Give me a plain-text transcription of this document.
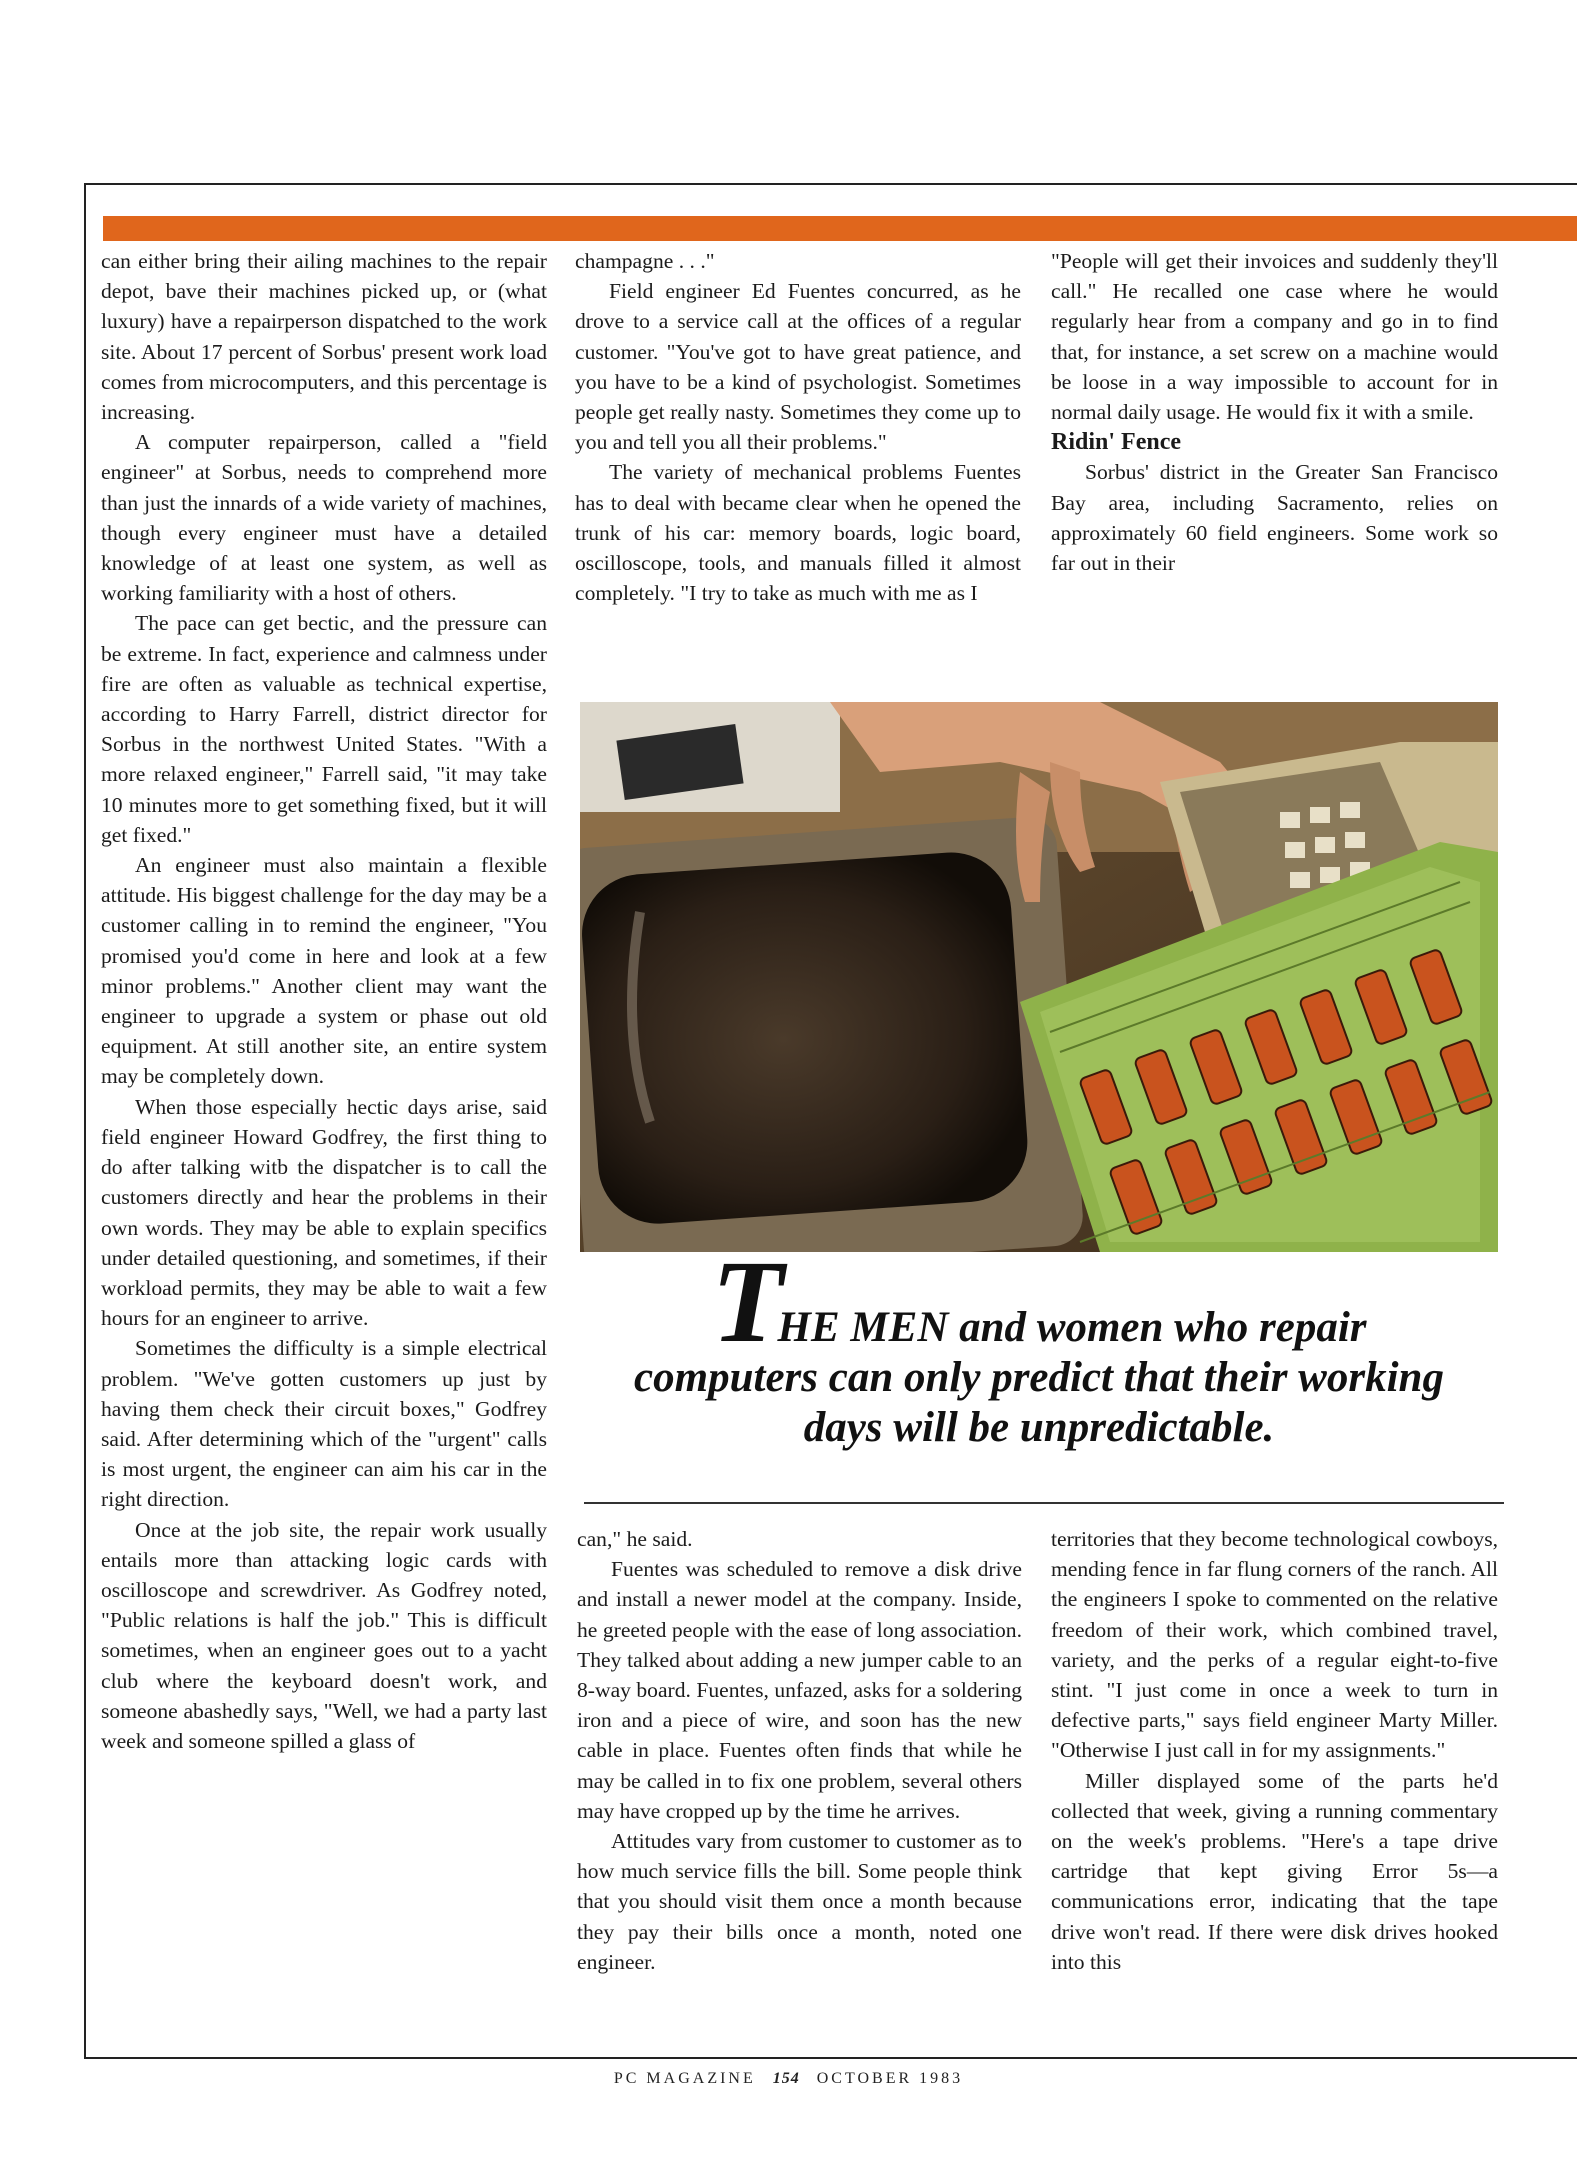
can either bring their ailing machines to the repair depot, bave their machines picked up, or (what luxury) have a repairperson dispatched to the work site. About 17 percent of Sorbus' present work load comes from microcomputers, and this percentage is increasing.

A computer repairperson, called a "field engineer" at Sorbus, needs to comprehend more than just the innards of a wide variety of machines, though every engineer must have a detailed knowledge of at least one system, as well as working familiarity with a host of others.

The pace can get bectic, and the pressure can be extreme. In fact, experience and calmness under fire are often as valuable as technical expertise, according to Harry Farrell, district director for Sorbus in the northwest United States. "With a more relaxed engineer," Farrell said, "it may take 10 minutes more to get something fixed, but it will get fixed."

An engineer must also maintain a flexible attitude. His biggest challenge for the day may be a customer calling in to remind the engineer, "You promised you'd come in here and look at a few minor problems." Another client may want the engineer to upgrade a system or phase out old equipment. At still another site, an entire system may be completely down.

When those especially hectic days arise, said field engineer Howard Godfrey, the first thing to do after talking witb the dispatcher is to call the customers directly and hear the problems in their own words. They may be able to explain specifics under detailed questioning, and sometimes, if their workload permits, they may be able to wait a few hours for an engineer to arrive.

Sometimes the difficulty is a simple electrical problem. "We've gotten customers up just by having them check their circuit boxes," Godfrey said. After determining which of the "urgent" calls is most urgent, the engineer can aim his car in the right direction.

Once at the job site, the repair work usually entails more than attacking logic cards with oscilloscope and screwdriver. As Godfrey noted, "Public relations is half the job." This is difficult sometimes, when an engineer goes out to a yacht club where the keyboard doesn't work, and someone abashedly says, "Well, we had a party last week and someone spilled a glass of

champagne . . ."

Field engineer Ed Fuentes concurred, as he drove to a service call at the offices of a regular customer. "You've got to have great patience, and you have to be a kind of psychologist. Sometimes people get really nasty. Sometimes they come up to you and tell you all their problems."

The variety of mechanical problems Fuentes has to deal with became clear when he opened the trunk of his car: memory boards, logic board, oscilloscope, tools, and manuals filled it almost completely. "I try to take as much with me as I

"People will get their invoices and suddenly they'll call." He recalled one case where he would regularly hear from a company and go in to find that, for instance, a set screw on a machine would be loose in a way impossible to account for in normal daily usage. He would fix it with a smile.

Ridin' Fence

Sorbus' district in the Greater San Francisco Bay area, including Sacramento, relies on approximately 60 field engineers. Some work so far out in their

THE MEN and women who repair
computers can only predict that their working
days will be unpredictable.

can," he said.

Fuentes was scheduled to remove a disk drive and install a newer model at the company. Inside, he greeted people with the ease of long association. They talked about adding a new jumper cable to an 8-way board. Fuentes, unfazed, asks for a soldering iron and a piece of wire, and soon has the new cable in place. Fuentes often finds that while he may be called in to fix one problem, several others may have cropped up by the time he arrives.

Attitudes vary from customer to customer as to how much service fills the bill. Some people think that you should visit them once a month because they pay their bills once a month, noted one engineer.

territories that they become technological cowboys, mending fence in far flung corners of the ranch. All the engineers I spoke to commented on the relative freedom of their work, which combined travel, variety, and the perks of a regular eight-to-five stint. "I just come in once a week to turn in defective parts," says field engineer Marty Miller. "Otherwise I just call in for my assignments."

Miller displayed some of the parts he'd collected that week, giving a running commentary on the week's problems. "Here's a tape drive cartridge that kept giving Error 5s—a communications error, indicating that the tape drive won't read. If there were disk drives hooked into this

PC MAGAZINE 154 OCTOBER 1983
